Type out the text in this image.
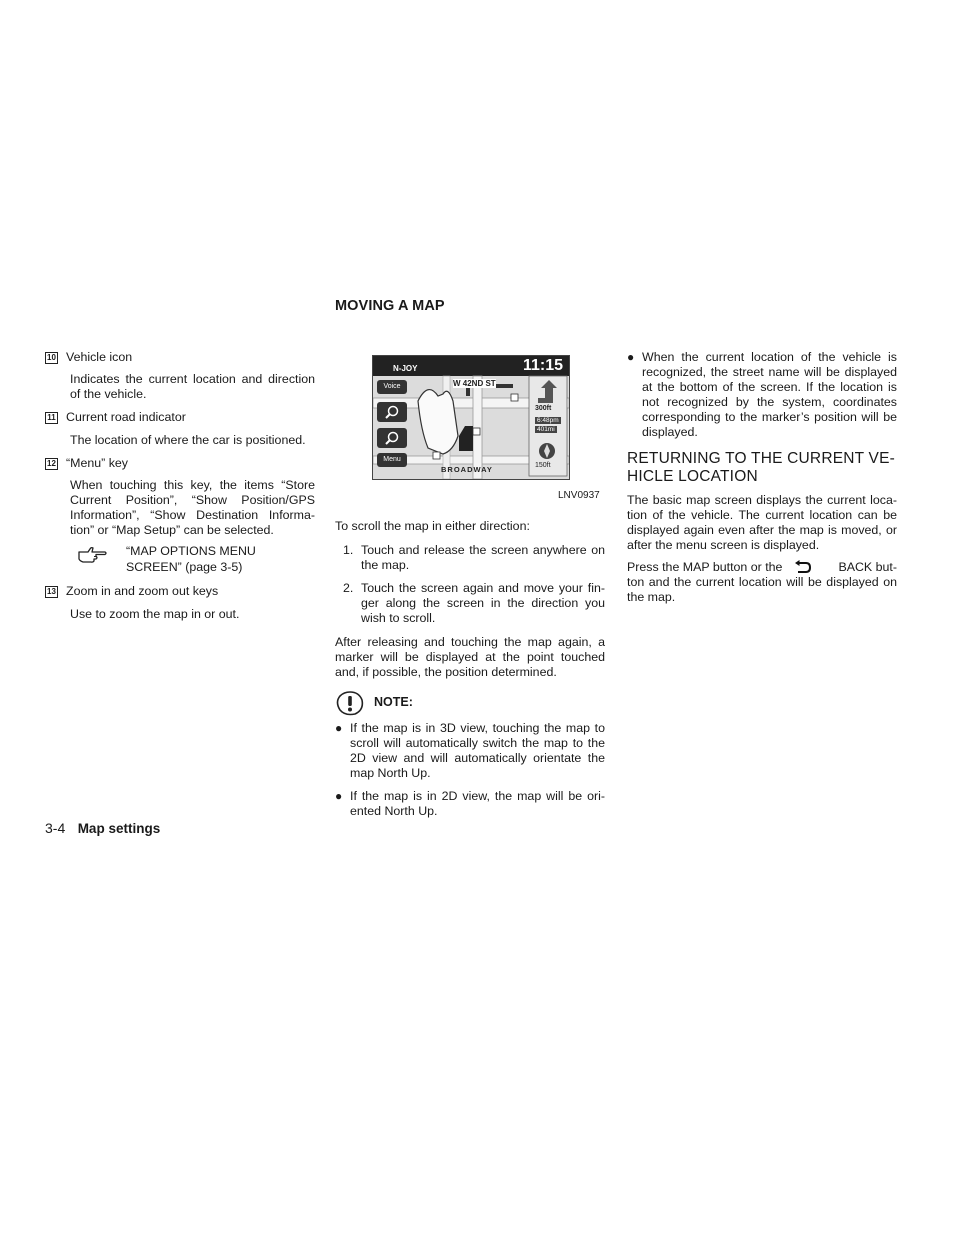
10 Vehicle icon

Indicates the current location and direction of the vehicle.

11 Current road indicator

The location of where the car is positioned.

12 “Menu” key

When touching this key, the items “Store Current Position”, “Show Position/GPS Information”, “Show Destination Informa- tion” or “Map Setup” can be selected.

“MAP OPTIONS MENU

SCREEN” (page 3-5)

13 Zoom in and zoom out keys

Use to zoom the map in or out.

MOVING A MAP
N-JOY	11:15
W 42ND ST
BROADWAY
Voice
Menu
300ft
6:48pm
401mi
150ft
LNV0937

To scroll the map in either direction:

1. Touch and release the screen anywhere on the map.
2. Touch the screen again and move your fin- ger along the screen in the direction you wish to scroll.

After releasing and touching the map again, a marker will be displayed at the point touched and, if possible, the position determined.

NOTE:
● If the map is in 3D view, touching the map to scroll will automatically switch the map to the 2D view and will automatically orientate the map North Up.
● If the map is in 2D view, the map will be ori- ented North Up.
● When the current location of the vehicle is recognized, the street name will be displayed at the bottom of the screen. If the location is not recognized by the system, coordinates corresponding to the marker’s position will be displayed.
RETURNING TO THE CURRENT VE-
HICLE LOCATION

The basic map screen displays the current loca- tion of the vehicle. The current location can be displayed again even after the map is moved, or after the menu screen is displayed.

Press the MAP button or the	BACK but-

ton and the current location will be displayed on the map.

3-4 Map settings
